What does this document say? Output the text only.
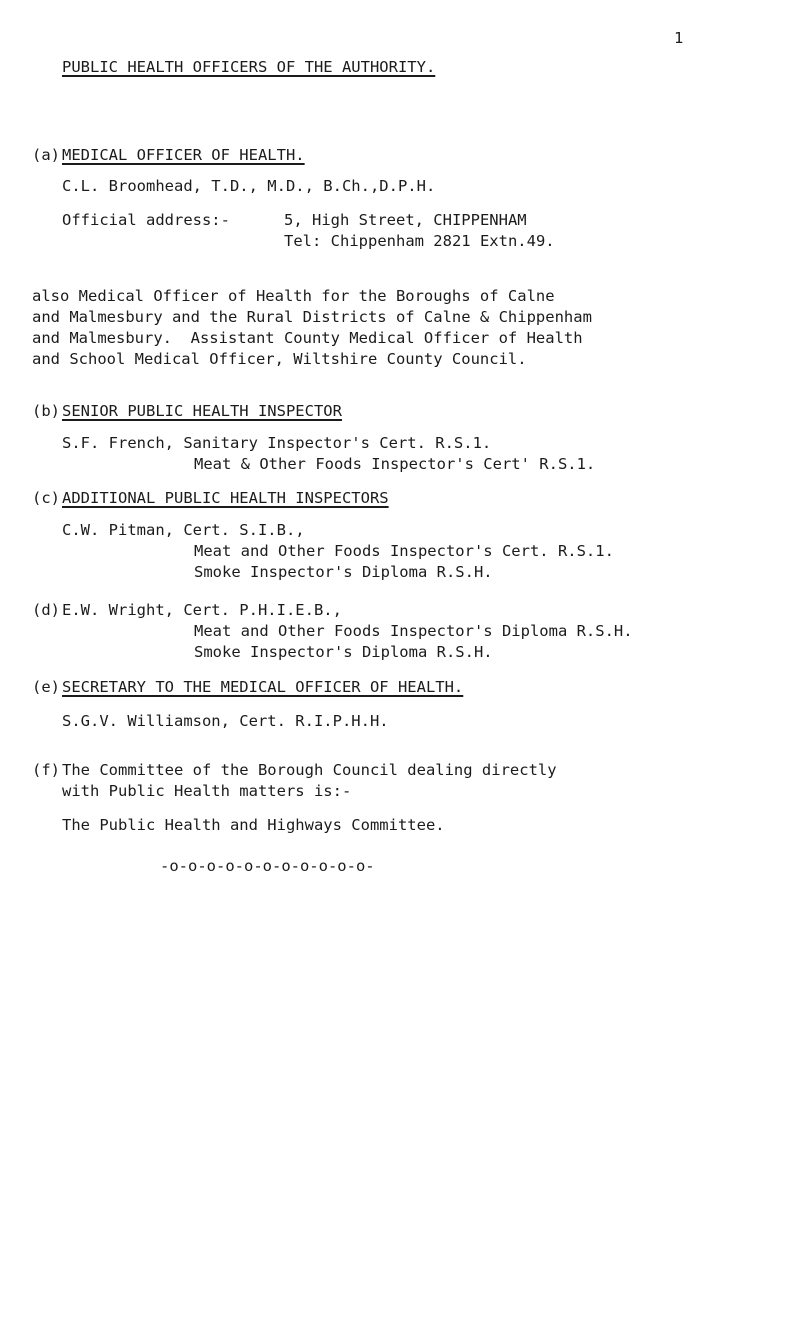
1
PUBLIC HEALTH OFFICERS OF THE AUTHORITY.
(a) MEDICAL OFFICER OF HEALTH.
C.L. Broomhead, T.D., M.D., B.Ch.,D.P.H.
Official address:-	5, High Street, CHIPPENHAM
Tel: Chippenham 2821 Extn.49.
also Medical Officer of Health for the Boroughs of Calne
and Malmesbury and the Rural Districts of Calne & Chippenham
and Malmesbury.  Assistant County Medical Officer of Health
and School Medical Officer, Wiltshire County Council.
(b) SENIOR PUBLIC HEALTH INSPECTOR
S.F. French, Sanitary Inspector's Cert. R.S.1.
Meat & Other Foods Inspector's Cert' R.S.1.
(c) ADDITIONAL PUBLIC HEALTH INSPECTORS
C.W. Pitman, Cert. S.I.B.,
Meat and Other Foods Inspector's Cert. R.S.1.
Smoke Inspector's Diploma R.S.H.
(d) E.W. Wright, Cert. P.H.I.E.B.,
Meat and Other Foods Inspector's Diploma R.S.H.
Smoke Inspector's Diploma R.S.H.
(e) SECRETARY TO THE MEDICAL OFFICER OF HEALTH.
S.G.V. Williamson, Cert. R.I.P.H.H.
(f) The Committee of the Borough Council dealing directly
with Public Health matters is:-
The Public Health and Highways Committee.
-o-o-o-o-o-o-o-o-o-o-o-
